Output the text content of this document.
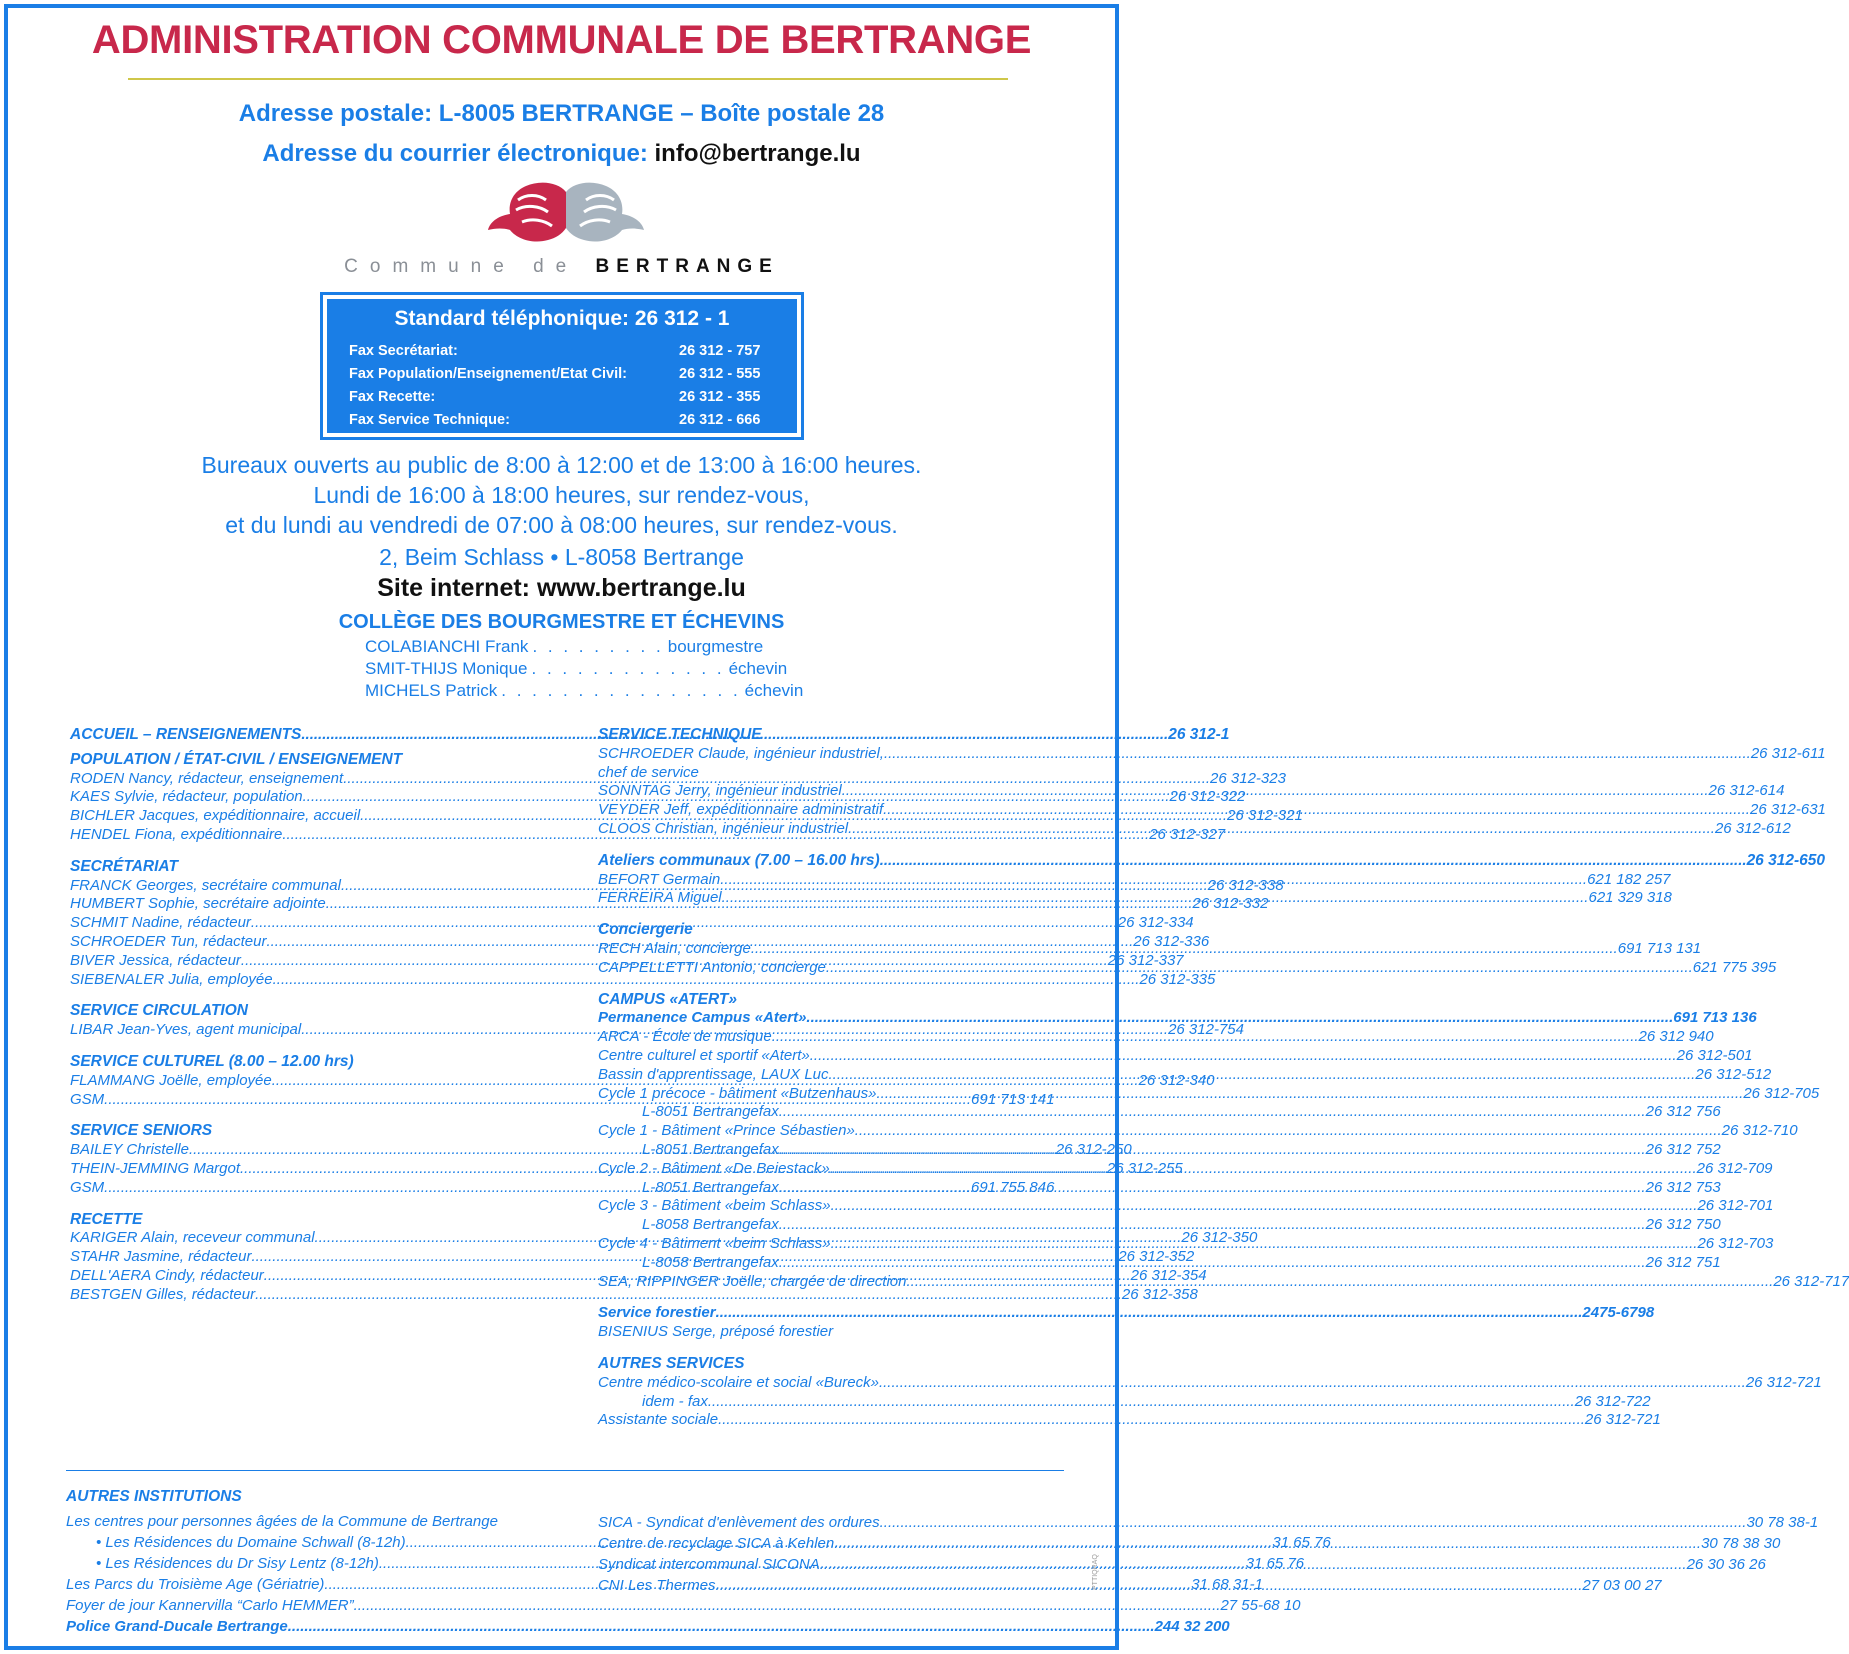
ADMINISTRATION COMMUNALE DE BERTRANGE
Adresse postale: L-8005 BERTRANGE – Boîte postale 28
Adresse du courrier électronique: info@bertrange.lu
Commune de BERTRANGE
Standard téléphonique: 26 312 - 1
Fax Secrétariat:	26 312 - 757
Fax Population/Enseignement/Etat Civil:	26 312 - 555
Fax Recette:	26 312 - 355
Fax Service Technique:	26 312 - 666
Bureaux ouverts au public de 8:00 à 12:00 et de 13:00 à 16:00 heures.
Lundi de 16:00 à 18:00 heures, sur rendez-vous,
et du lundi au vendredi de 07:00 à 08:00 heures, sur rendez-vous.
2, Beim Schlass • L-8058 Bertrange
Site internet: www.bertrange.lu
COLLÈGE DES BOURGMESTRE ET ÉCHEVINS
COLABIANCHI Frank . . . . . . . . . bourgmestre
SMIT-THIJS Monique . . . . . . . . . . . . . échevin
MICHELS Patrick . . . . . . . . . . . . . . . . échevin
ACCUEIL – RENSEIGNEMENTS .....	26 312-1
POPULATION / ÉTAT-CIVIL / ENSEIGNEMENT
RODEN Nancy, rédacteur, enseignement .....	26 312-323
KAES Sylvie, rédacteur, population .....	26 312-322
BICHLER Jacques, expéditionnaire, accueil .....	26 312-321
HENDEL Fiona, expéditionnaire .....	26 312-327
SECRÉTARIAT
FRANCK Georges, secrétaire communal .....	26 312-338
HUMBERT Sophie, secrétaire adjointe .....	26 312-332
SCHMIT Nadine, rédacteur .....	26 312-334
SCHROEDER Tun, rédacteur .....	26 312-336
BIVER Jessica, rédacteur .....	26 312-337
SIEBENALER Julia, employée .....	26 312-335
SERVICE CIRCULATION
LIBAR Jean-Yves, agent municipal .....	26 312-754
SERVICE CULTUREL (8.00 – 12.00 hrs)
FLAMMANG Joëlle, employée .....	26 312-340
GSM .....	691 713 141
SERVICE SENIORS
BAILEY Christelle .....	26 312-250
THEIN-JEMMING Margot .....	26 312-255
GSM .....	691 755 846
RECETTE
KARIGER Alain, receveur communal .....	26 312-350
STAHR Jasmine, rédacteur .....	26 312-352
DELL'AERA Cindy, rédacteur .....	26 312-354
BESTGEN Gilles, rédacteur .....	26 312-358
SERVICE TECHNIQUE
SCHROEDER Claude, ingénieur industriel, .....	26 312-611
chef de service
SONNTAG Jerry, ingénieur industriel .....	26 312-614
VEYDER Jeff, expéditionnaire administratif .....	26 312-631
CLOOS Christian, ingénieur industriel .....	26 312-612
Ateliers communaux (7.00 – 16.00 hrs) .....	26 312-650
BEFORT Germain .....	621 182 257
FERREIRA Miguel .....	621 329 318
Conciergerie
RECH Alain, concierge .....	691 713 131
CAPPELLETTI Antonio, concierge .....	621 775 395
CAMPUS «ATERT»
Permanence Campus «Atert» .....	691 713 136
ARCA - École de musique .....	26 312 940
Centre culturel et sportif «Atert» .....	26 312-501
Bassin d'apprentissage, LAUX Luc .....	26 312-512
Cycle 1 précoce - bâtiment «Butzenhaus» .....	26 312-705
L-8051 Bertrange fax .....	26 312 756
Cycle 1 - Bâtiment «Prince Sébastien» .....	26 312-710
L-8051 Bertrange fax .....	26 312 752
Cycle 2 - Bâtiment «De Beiestack» .....	26 312-709
L-8051 Bertrange fax .....	26 312 753
Cycle 3 - Bâtiment «beim Schlass» .....	26 312-701
L-8058 Bertrange fax .....	26 312 750
Cycle 4 - Bâtiment «beim Schlass» .....	26 312-703
L-8058 Bertrange fax .....	26 312 751
SEA, RIPPINGER Joëlle, chargée de direction .....	26 312-717
Service forestier .....	2475-6798
BISENIUS Serge, préposé forestier
AUTRES SERVICES
Centre médico-scolaire et social «Bureck» .....	26 312-721
idem - fax .....	26 312-722
Assistante sociale .....	26 312-721
AUTRES INSTITUTIONS
Les centres pour personnes âgées de la Commune de Bertrange
• Les Résidences du Domaine Schwall (8-12h) .....	31 65 76
• Les Résidences du Dr Sisy Lentz (8-12h) .....	31 65 76
Les Parcs du Troisième Age (Gériatrie) .....	31 68 31-1
Foyer de jour Kannervilla “Carlo HEMMER” .....	27 55-68 10
Police Grand-Ducale Bertrange .....	244 32 200
SICA - Syndicat d'enlèvement des ordures .....	30 78 38-1
Centre de recyclage SICA à Kehlen .....	30 78 38 30
Syndicat intercommunal SICONA .....	26 30 36 26
CNI Les Thermes .....	27 03 00 27
PTTIQRAQ
